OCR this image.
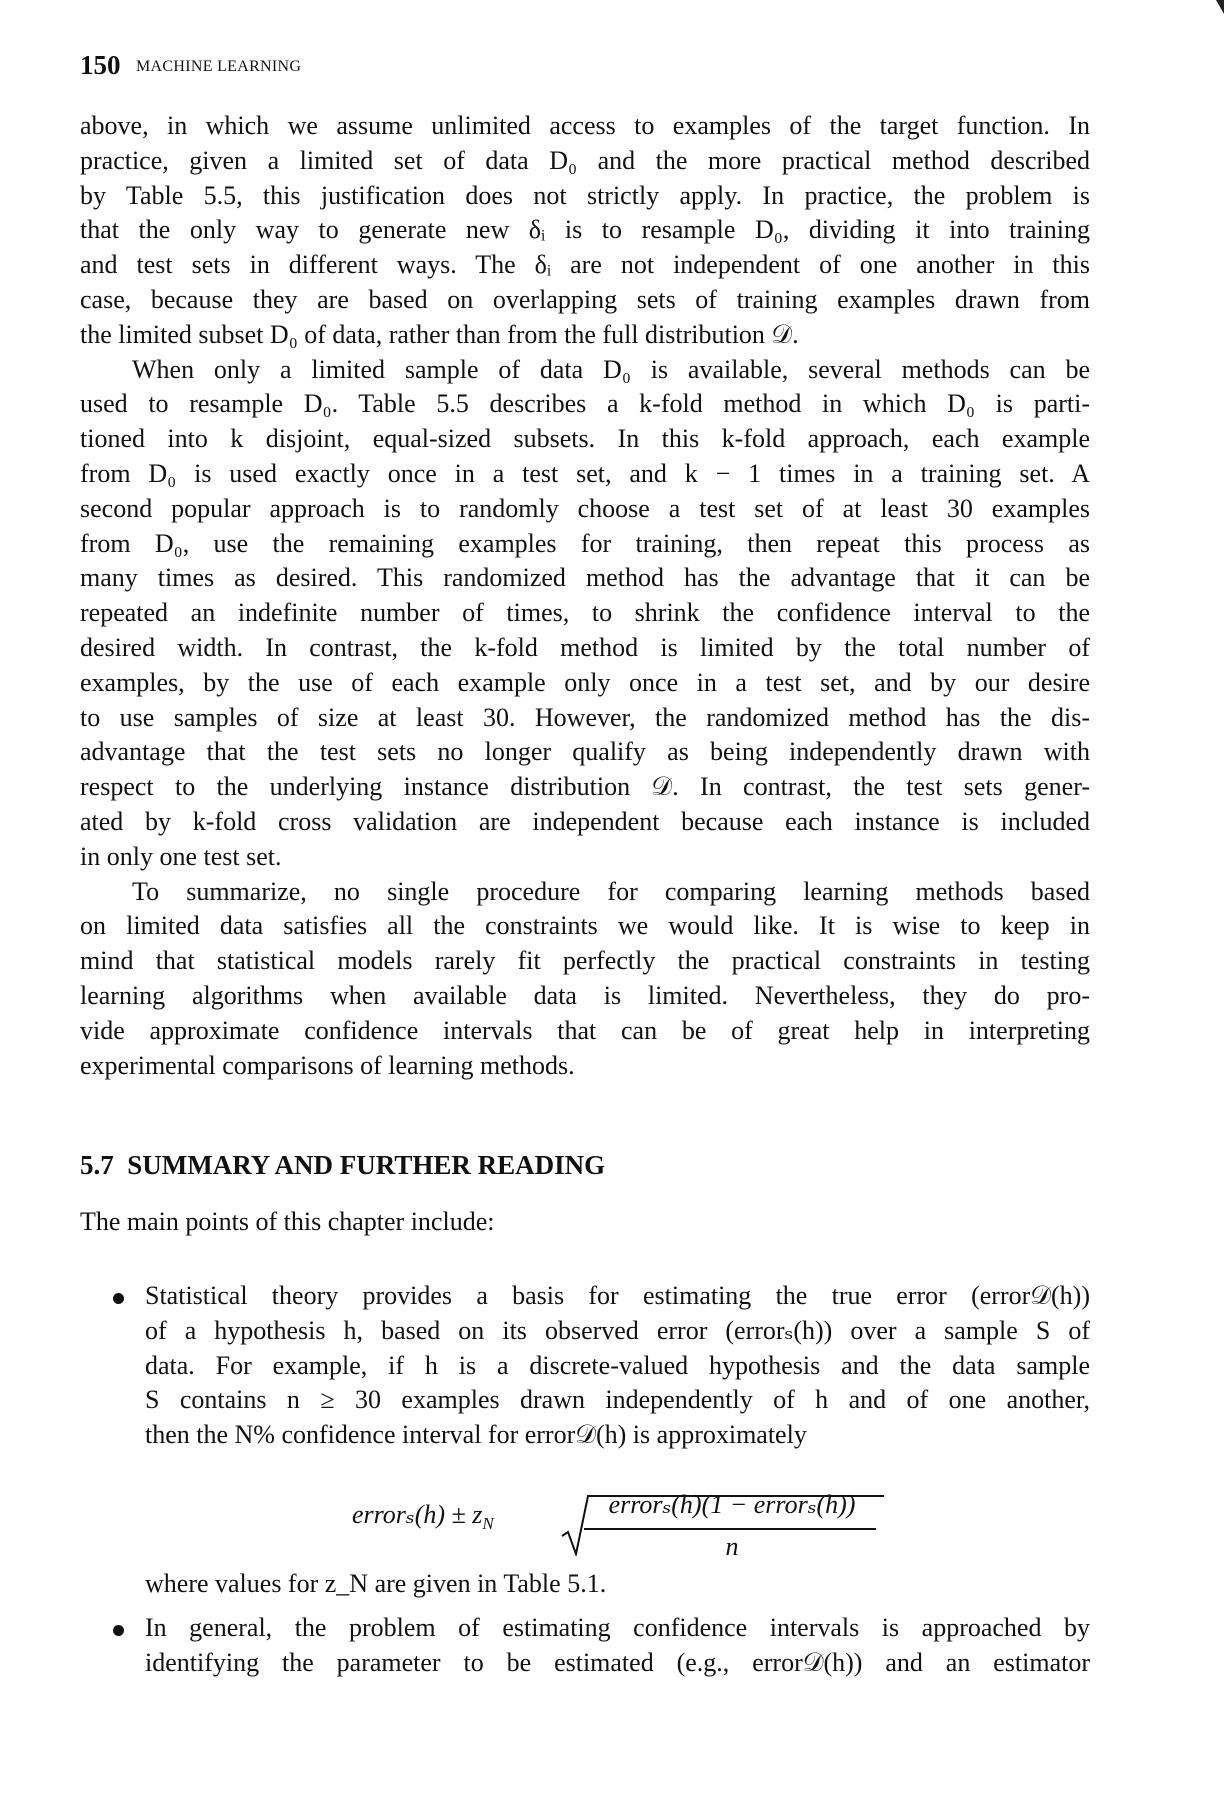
150 MACHINE LEARNING
above, in which we assume unlimited access to examples of the target function. In
practice, given a limited set of data D₀ and the more practical method described
by Table 5.5, this justification does not strictly apply. In practice, the problem is
that the only way to generate new δᵢ is to resample D₀, dividing it into training
and test sets in different ways. The δᵢ are not independent of one another in this
case, because they are based on overlapping sets of training examples drawn from
the limited subset D₀ of data, rather than from the full distribution 𝒟.
When only a limited sample of data D₀ is available, several methods can be
used to resample D₀. Table 5.5 describes a k-fold method in which D₀ is parti-
tioned into k disjoint, equal-sized subsets. In this k-fold approach, each example
from D₀ is used exactly once in a test set, and k − 1 times in a training set. A
second popular approach is to randomly choose a test set of at least 30 examples
from D₀, use the remaining examples for training, then repeat this process as
many times as desired. This randomized method has the advantage that it can be
repeated an indefinite number of times, to shrink the confidence interval to the
desired width. In contrast, the k-fold method is limited by the total number of
examples, by the use of each example only once in a test set, and by our desire
to use samples of size at least 30. However, the randomized method has the dis-
advantage that the test sets no longer qualify as being independently drawn with
respect to the underlying instance distribution 𝒟. In contrast, the test sets gener-
ated by k-fold cross validation are independent because each instance is included
in only one test set.
To summarize, no single procedure for comparing learning methods based
on limited data satisfies all the constraints we would like. It is wise to keep in
mind that statistical models rarely fit perfectly the practical constraints in testing
learning algorithms when available data is limited. Nevertheless, they do pro-
vide approximate confidence intervals that can be of great help in interpreting
experimental comparisons of learning methods.
5.7 SUMMARY AND FURTHER READING
The main points of this chapter include:
errorₛ(h) ± $z_N$
errorₛ(h)(1 − errorₛ(h))
n
where values for z_N are given in Table 5.1.
Statistical theory provides a basis for estimating the true error (error𝒟(h))
of a hypothesis h, based on its observed error (errorₛ(h)) over a sample S of
data. For example, if h is a discrete-valued hypothesis and the data sample
S contains n ≥ 30 examples drawn independently of h and of one another,
then the N% confidence interval for error𝒟(h) is approximately
In general, the problem of estimating confidence intervals is approached by
identifying the parameter to be estimated (e.g., error𝒟(h)) and an estimator
